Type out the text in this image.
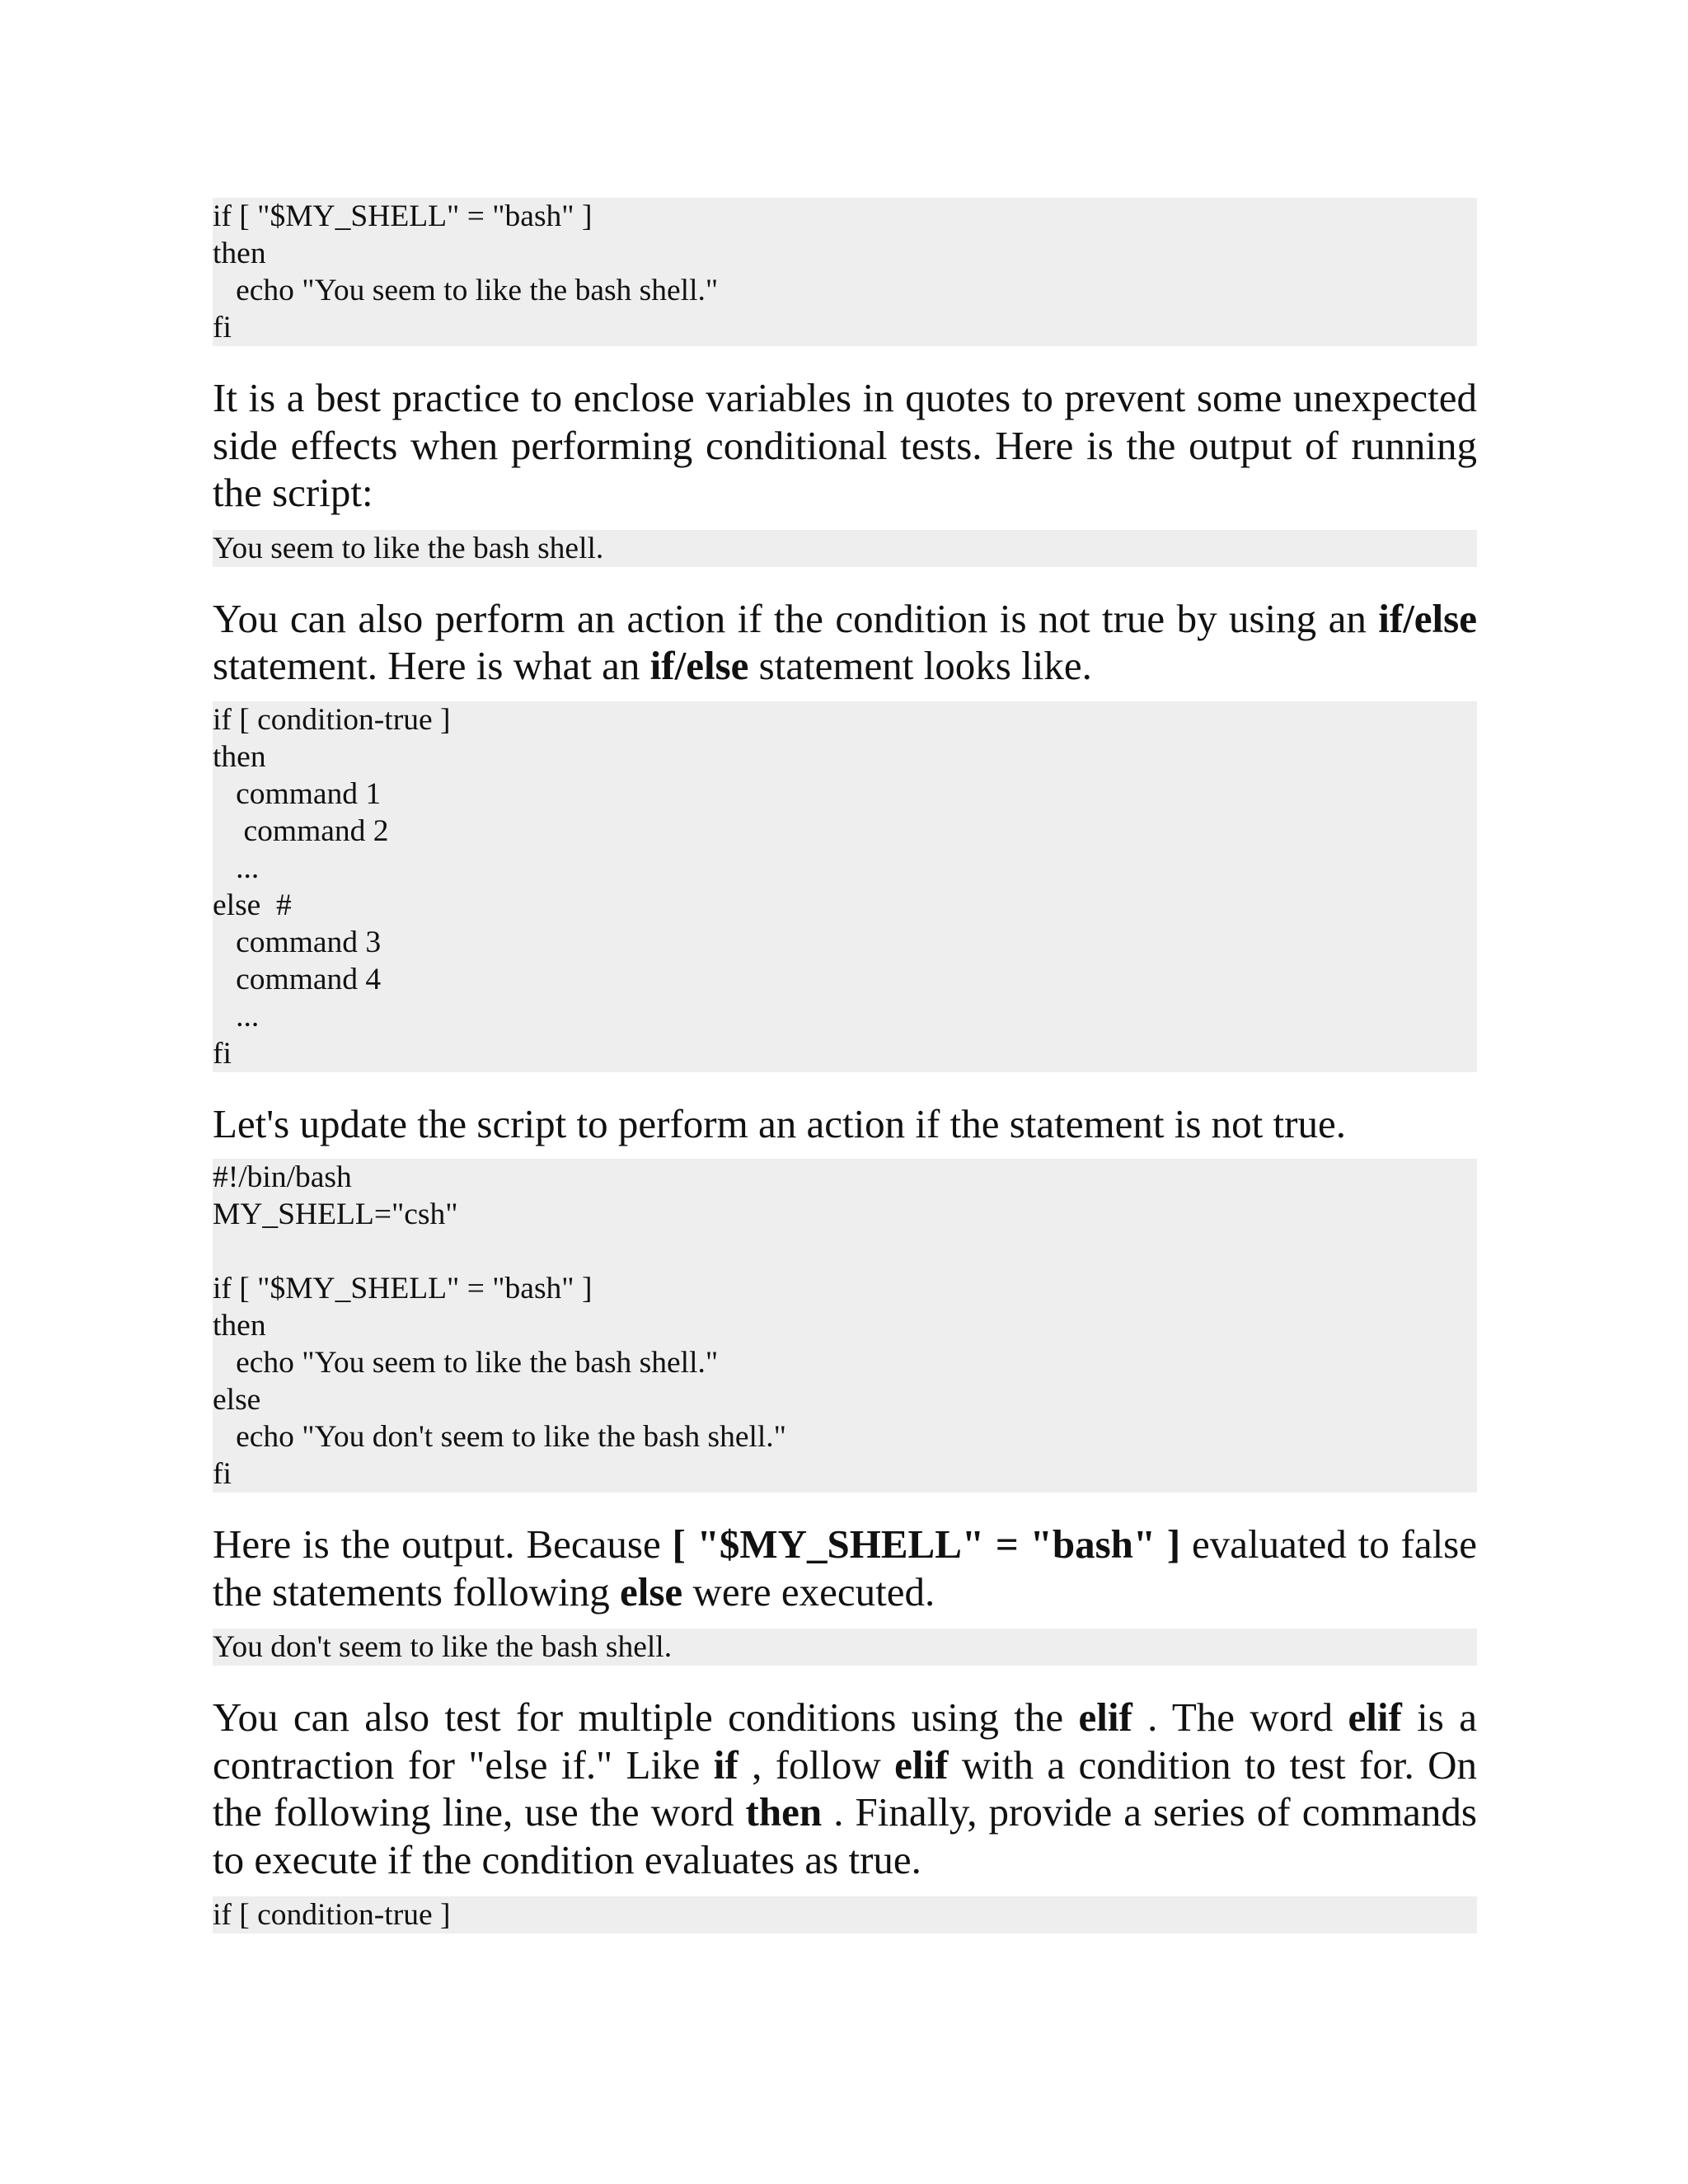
if [ "$MY_SHELL" = "bash" ]
then
echo "You seem to like the bash shell."
fi

It is a best practice to enclose variables in quotes to prevent some unexpected side effects when performing conditional tests. Here is the output of running the script:

You seem to like the bash shell.

You can also perform an action if the condition is not true by using an if/else statement. Here is what an if/else statement looks like.

if [ condition-true ]
then
command 1
command 2
...
else  #
command 3
command 4
...
fi

Let's update the script to perform an action if the statement is not true.

#!/bin/bash
MY_SHELL="csh"
if [ "$MY_SHELL" = "bash" ]
then
echo "You seem to like the bash shell."
else
echo "You don't seem to like the bash shell."
fi

Here is the output. Because [ "$MY_SHELL" = "bash" ] evaluated to false the statements following else were executed.

You don't seem to like the bash shell.

You can also test for multiple conditions using the elif . The word elif is a contraction for "else if." Like if , follow elif with a condition to test for. On the following line, use the word then . Finally, provide a series of commands to execute if the condition evaluates as true.

if [ condition-true ]
